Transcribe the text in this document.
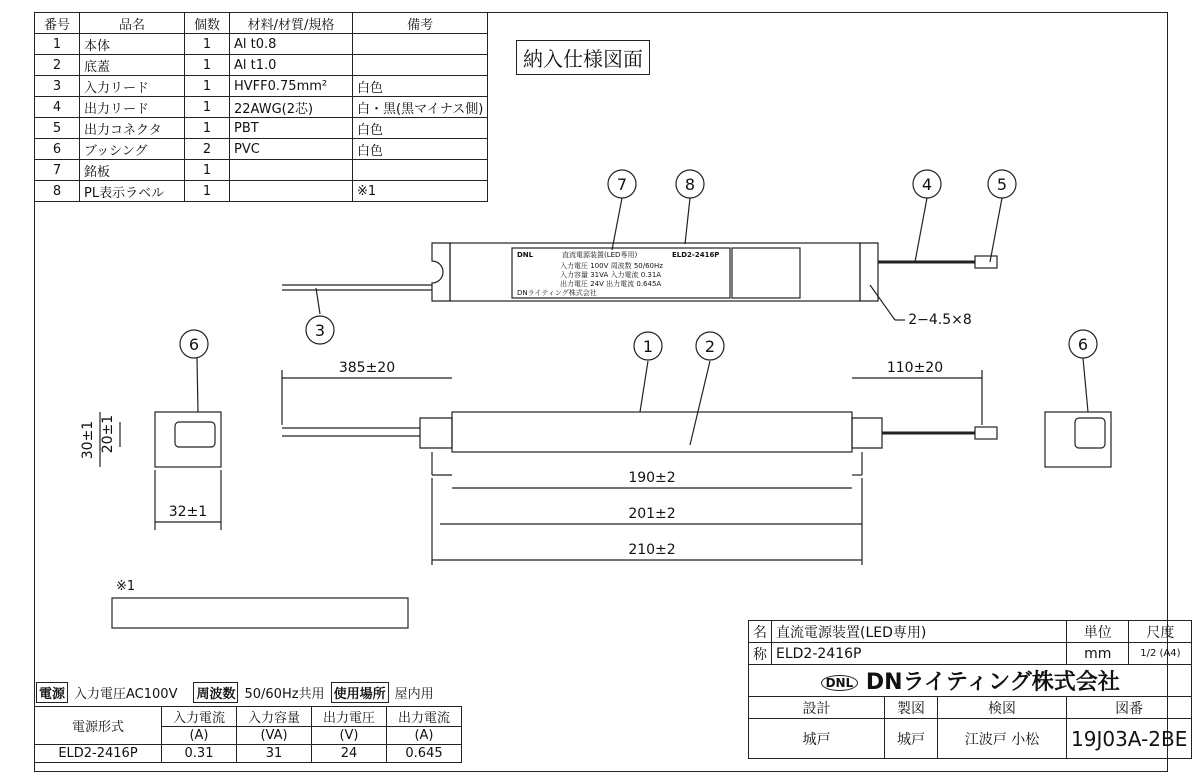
番号	品名	個数	材料/材質/規格	備考
1	本体	1	Al t0.8	
2	底蓋	1	Al t1.0	
3	入力リード	1	HVFF0.75mm²	白色
4	出力リード	1	22AWG(2芯)	白・黒(黒マイナス側)
5	出力コネクタ	1	PBT	白色
6	ブッシング	2	PVC	白色
7	銘板	1		
8	PL表示ラベル	1		※1
納入仕様図面
7	8	4	5
3
1	2
6	6
385±20	110±20
190±2
201±2
210±2
32±1
2−4.5×8
30±1 20±1
DNL	直流電源装置(LED専用)	ELD2-2416P
入力電圧 100V 周波数 50/60Hz
入力容量 31VA 入力電流 0.31A
出力電圧 24V 出力電流 0.645A
DNライティング株式会社
※1
電源 入力電圧AC100V 周波数 50/60Hz共用 使用場所 屋内用
電源形式	入力電流	入力容量	出力電圧	出力電流
	(A)	(VA)	(V)	(A)
ELD2-2416P	0.31	31	24	0.645
名	直流電源装置(LED専用)			単位	尺度
称	ELD2-2416P			mm	1/2 (A4)
DNL DNライティング株式会社					
設計		製図	検図	図番	
城戸		城戸	江波戸 小松	19J03A-2BE	
